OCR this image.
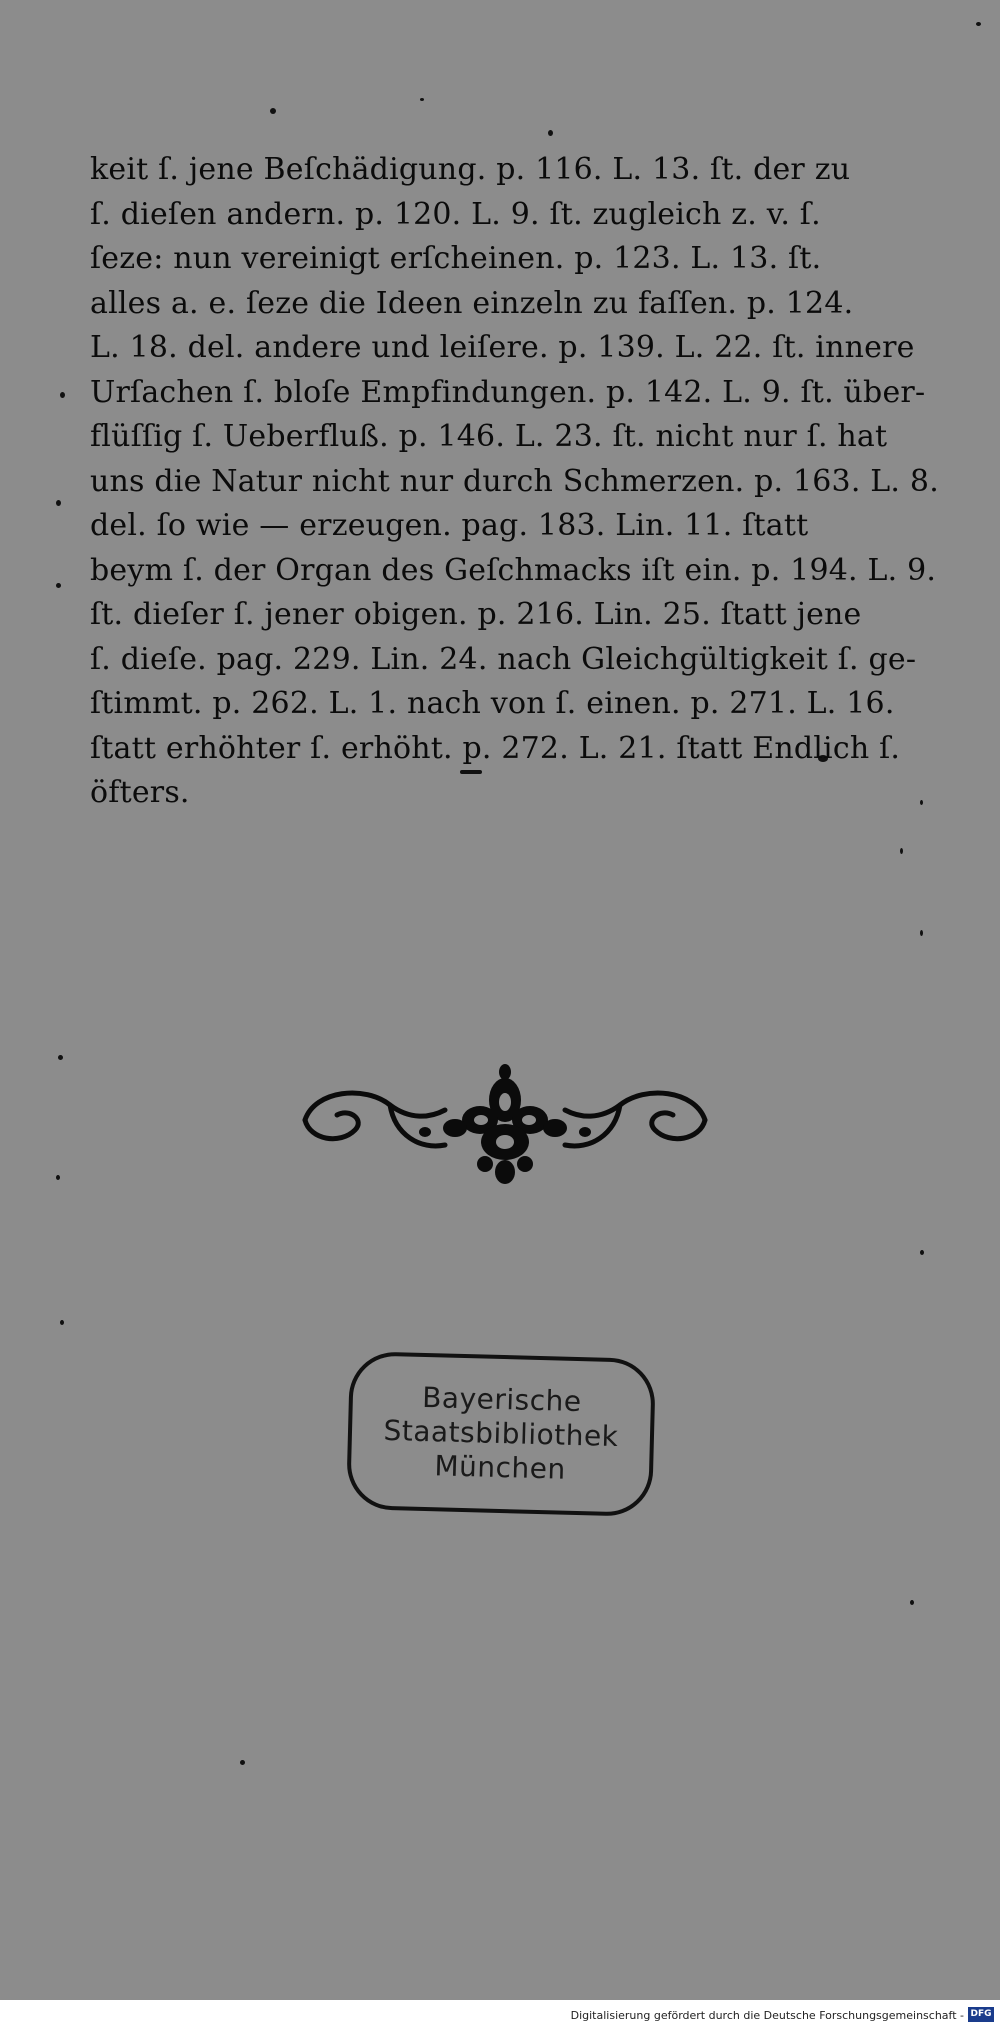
keit ſ. jene Beſchädigung. p. 116. L. 13. ſt. der zu
ſ. dieſen andern. p. 120. L. 9. ſt. zugleich z. v. ſ.
ſeze: nun vereinigt erſcheinen. p. 123. L. 13. ſt.
alles a. e. ſeze die Ideen einzeln zu faſſen. p. 124.
L. 18. del. andere und leiſere. p. 139. L. 22. ſt. innere
Urſachen ſ. bloſe Empfindungen. p. 142. L. 9. ſt. über-
flüſſig ſ. Ueberfluß. p. 146. L. 23. ſt. nicht nur ſ. hat
uns die Natur nicht nur durch Schmerzen. p. 163. L. 8.
del. ſo wie — erzeugen. pag. 183. Lin. 11. ſtatt
beym ſ. der Organ des Geſchmacks iſt ein. p. 194. L. 9.
ſt. dieſer ſ. jener obigen. p. 216. Lin. 25. ſtatt jene
ſ. dieſe. pag. 229. Lin. 24. nach Gleichgültigkeit ſ. ge-
ſtimmt. p. 262. L. 1. nach von ſ. einen. p. 271. L. 16.
ſtatt erhöhter ſ. erhöht. p. 272. L. 21. ſtatt Endlich ſ.
öfters.
Bayerische
Staatsbibliothek
München
Digitalisierung gefördert durch die Deutsche Forschungsgemeinschaft - DFG
